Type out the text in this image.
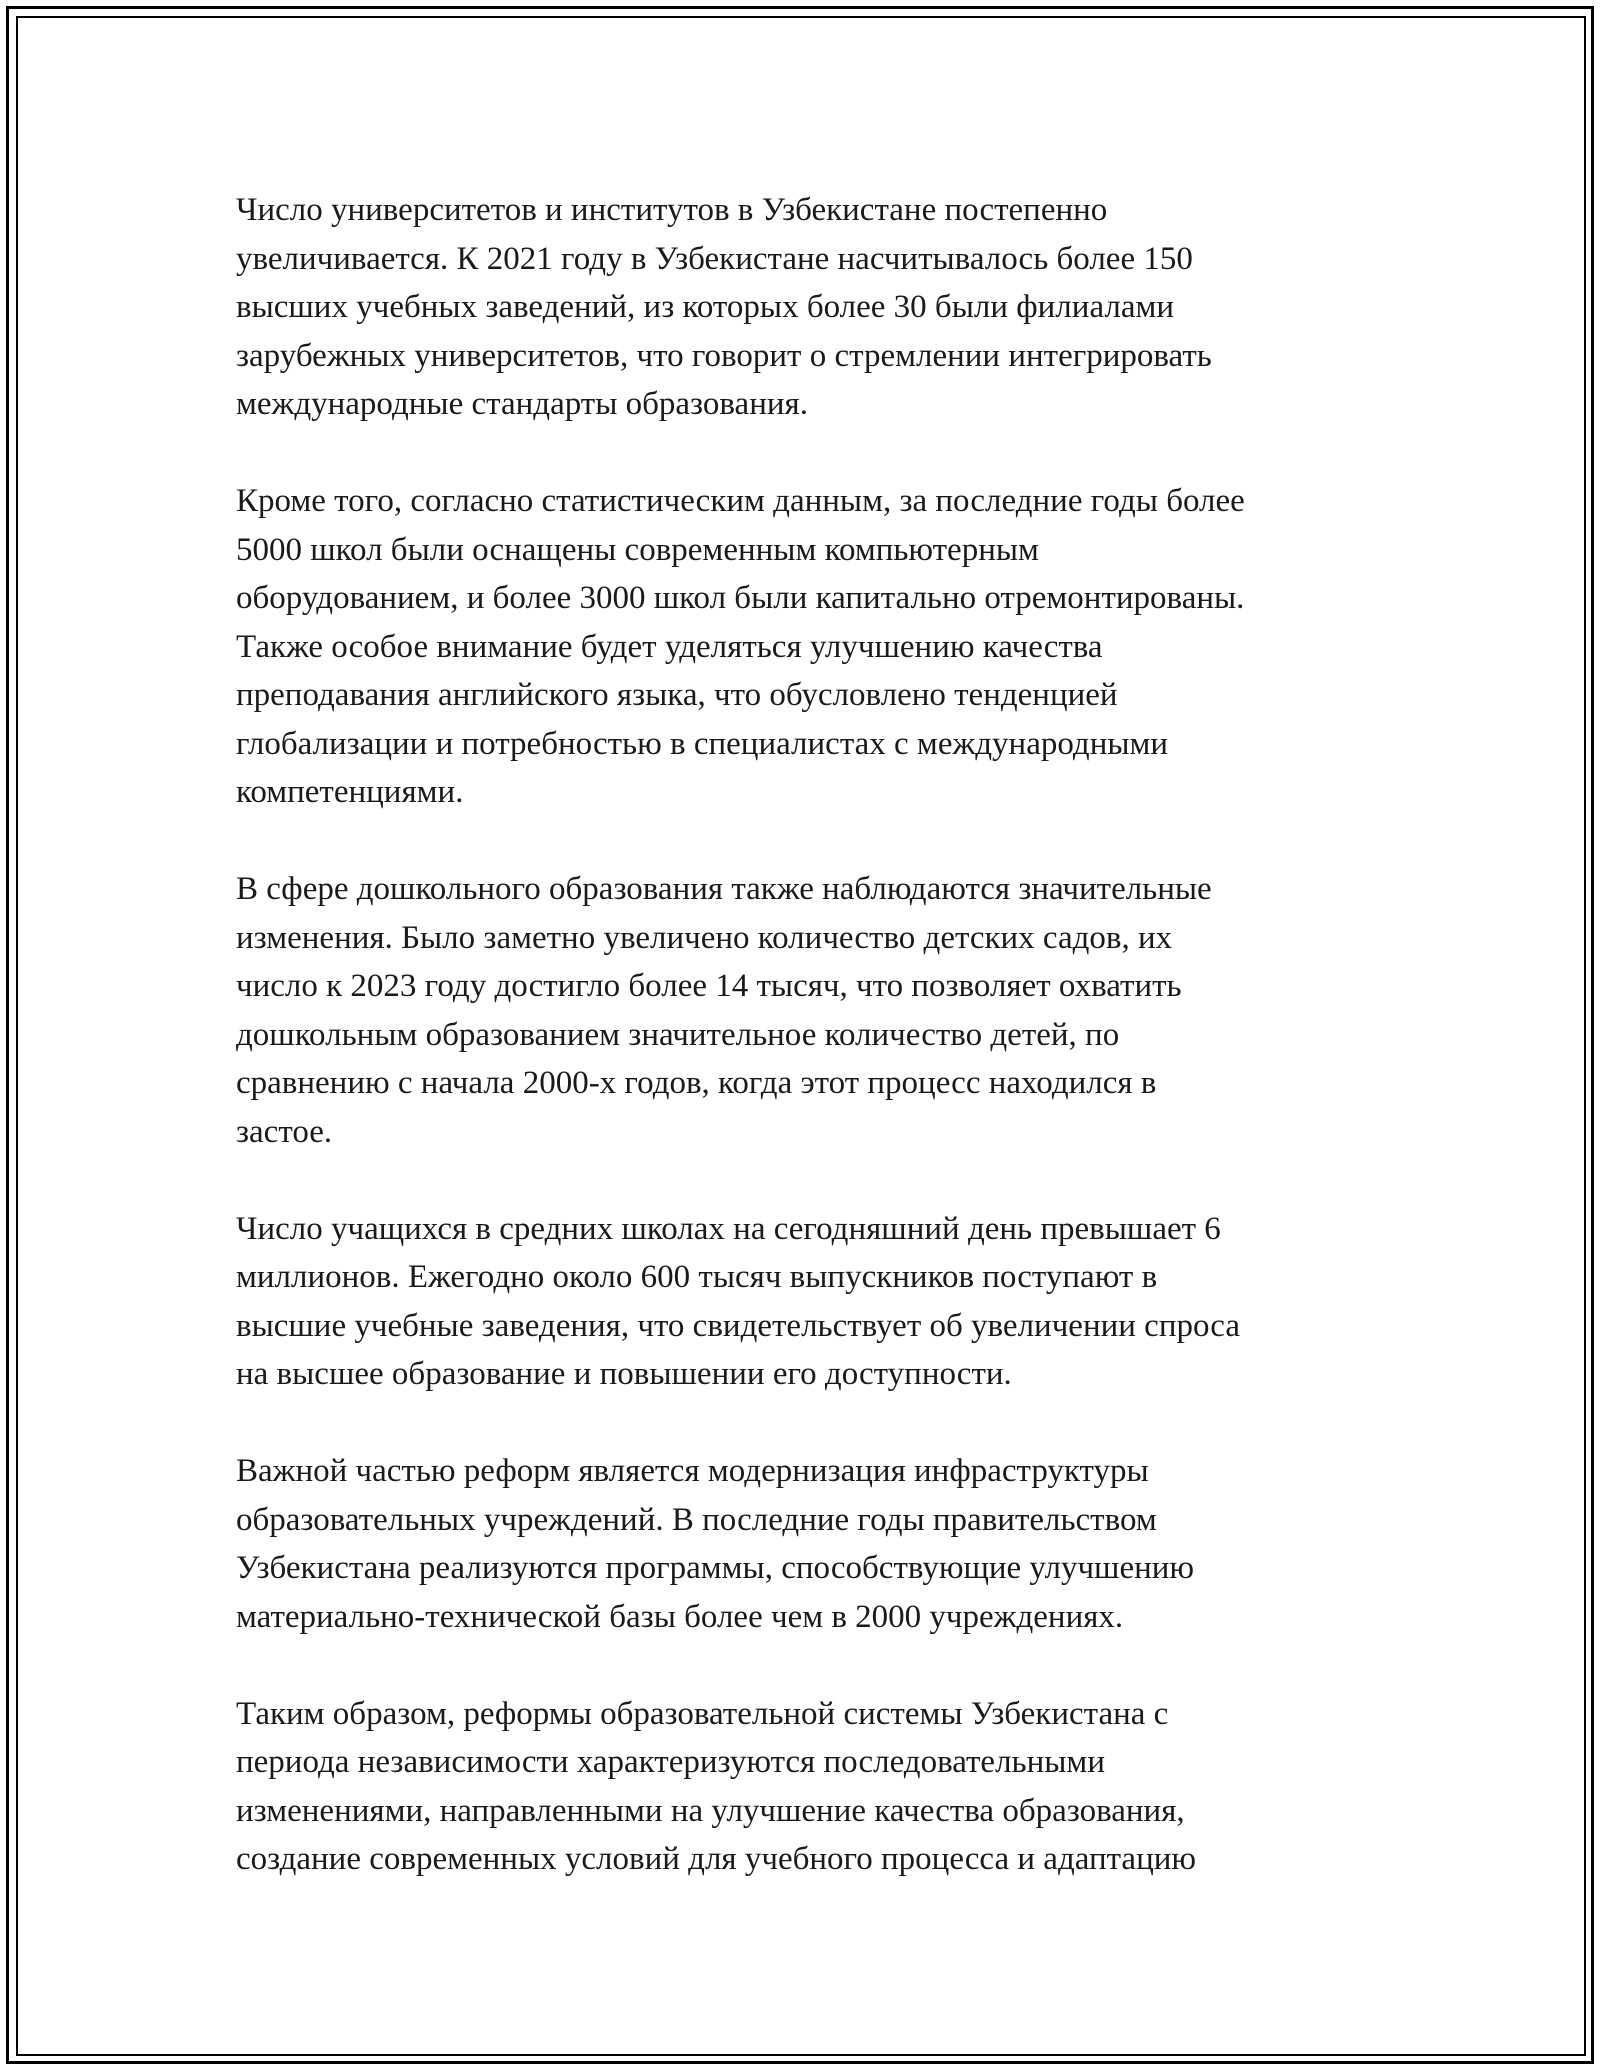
Число университетов и институтов в Узбекистане постепенно
увеличивается. К 2021 году в Узбекистане насчитывалось более 150
высших учебных заведений, из которых более 30 были филиалами
зарубежных университетов, что говорит о стремлении интегрировать
международные стандарты образования.

Кроме того, согласно статистическим данным, за последние годы более
5000 школ были оснащены современным компьютерным
оборудованием, и более 3000 школ были капитально отремонтированы.
Также особое внимание будет уделяться улучшению качества
преподавания английского языка, что обусловлено тенденцией
глобализации и потребностью в специалистах с международными
компетенциями.

В сфере дошкольного образования также наблюдаются значительные
изменения. Было заметно увеличено количество детских садов, их
число к 2023 году достигло более 14 тысяч, что позволяет охватить
дошкольным образованием значительное количество детей, по
сравнению с начала 2000-х годов, когда этот процесс находился в
застое.

Число учащихся в средних школах на сегодняшний день превышает 6
миллионов. Ежегодно около 600 тысяч выпускников поступают в
высшие учебные заведения, что свидетельствует об увеличении спроса
на высшее образование и повышении его доступности.

Важной частью реформ является модернизация инфраструктуры
образовательных учреждений. В последние годы правительством
Узбекистана реализуются программы, способствующие улучшению
материально-технической базы более чем в 2000 учреждениях.

Таким образом, реформы образовательной системы Узбекистана с
периода независимости характеризуются последовательными
изменениями, направленными на улучшение качества образования,
создание современных условий для учебного процесса и адаптацию
